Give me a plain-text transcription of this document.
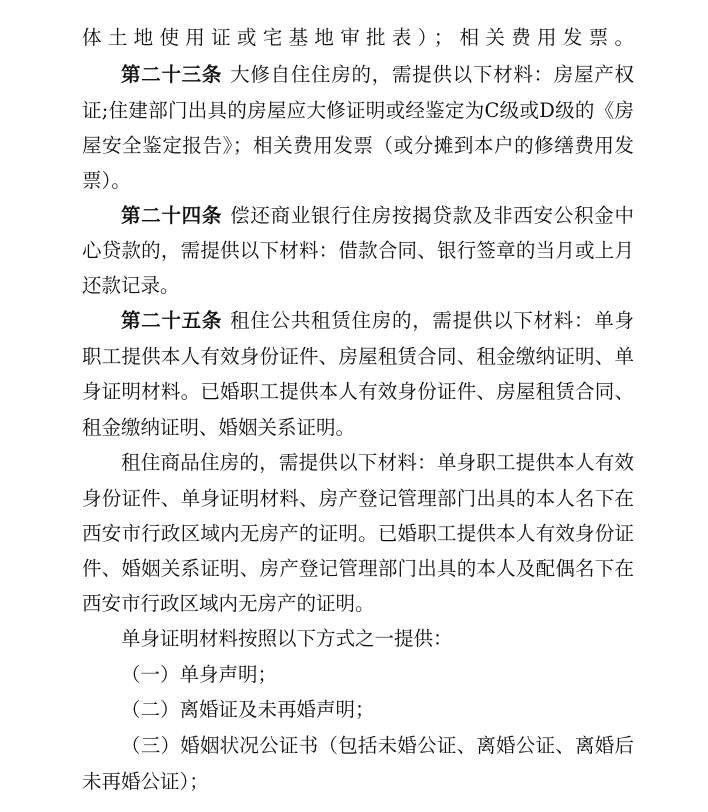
体土地使用证或宅基地审批表）；相关费用发票。
第二十三条 大修自住住房的，需提供以下材料：房屋产权
证;住建部门出具的房屋应大修证明或经鉴定为C级或D级的《房
屋安全鉴定报告》；相关费用发票（或分摊到本户的修缮费用发
票）。
第二十四条 偿还商业银行住房按揭贷款及非西安公积金中
心贷款的，需提供以下材料：借款合同、银行签章的当月或上月
还款记录。
第二十五条 租住公共租赁住房的，需提供以下材料：单身
职工提供本人有效身份证件、房屋租赁合同、租金缴纳证明、单
身证明材料。已婚职工提供本人有效身份证件、房屋租赁合同、
租金缴纳证明、婚姻关系证明。
租住商品住房的，需提供以下材料：单身职工提供本人有效
身份证件、单身证明材料、房产登记管理部门出具的本人名下在
西安市行政区域内无房产的证明。已婚职工提供本人有效身份证
件、婚姻关系证明、房产登记管理部门出具的本人及配偶名下在
西安市行政区域内无房产的证明。
单身证明材料按照以下方式之一提供：
（一）单身声明；
（二）离婚证及未再婚声明；
（三）婚姻状况公证书（包括未婚公证、离婚公证、离婚后
未再婚公证）；
